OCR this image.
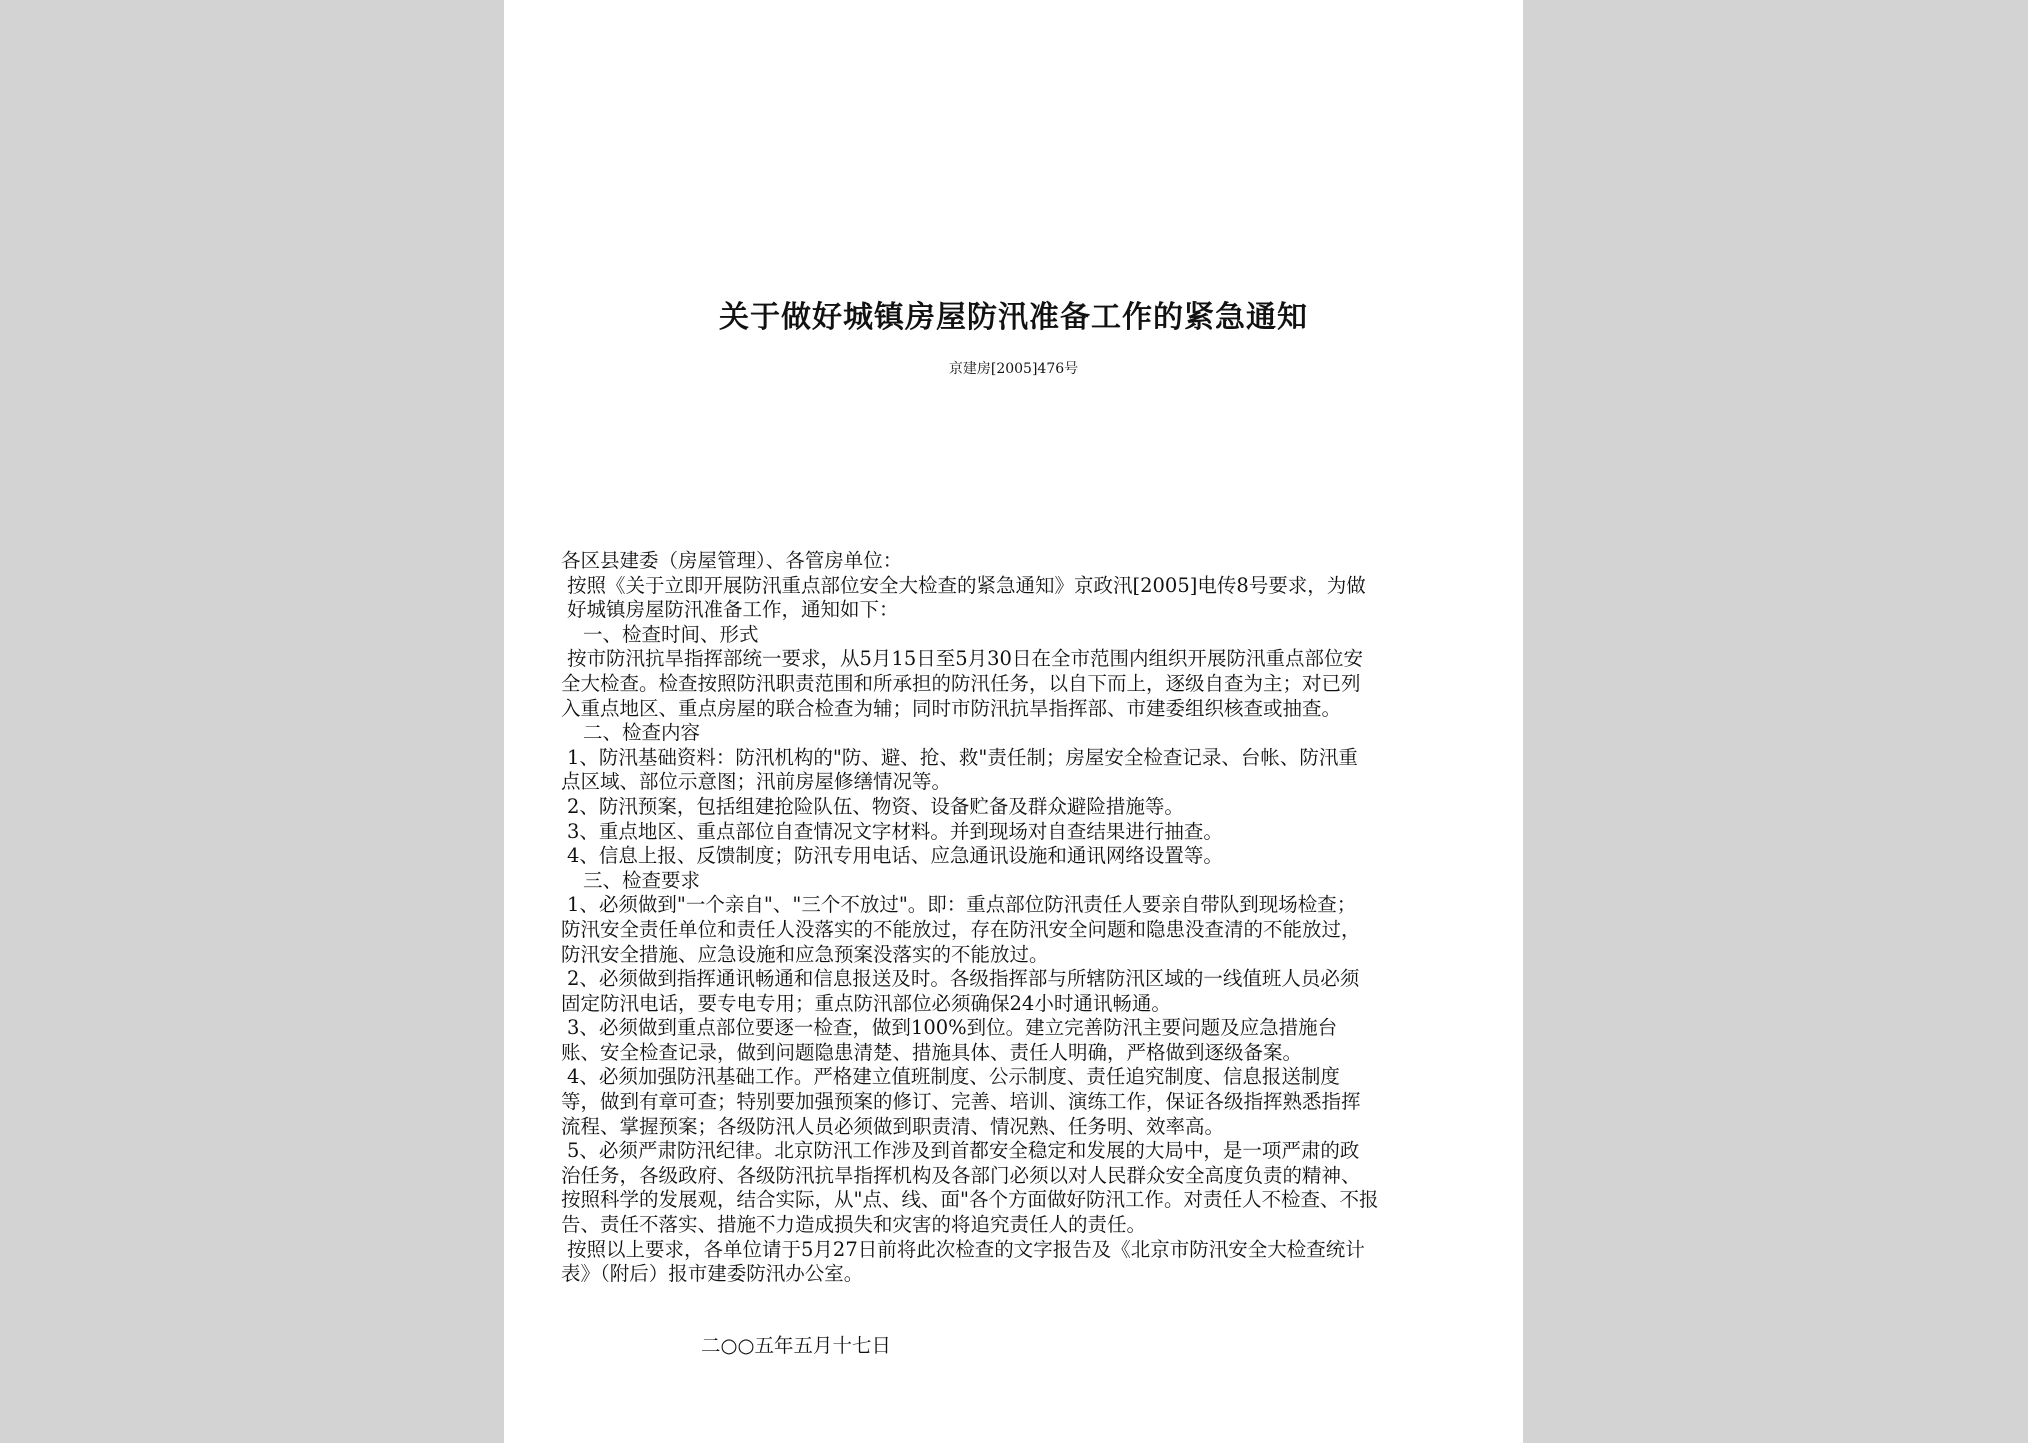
关于做好城镇房屋防汛准备工作的紧急通知
京建房[2005]476号

各区县建委（房屋管理）、各管房单位：

按照《关于立即开展防汛重点部位安全大检查的紧急通知》京政汛[2005]电传8号要求，为做

好城镇房屋防汛准备工作，通知如下：

一、检查时间、形式

按市防汛抗旱指挥部统一要求，从5月15日至5月30日在全市范围内组织开展防汛重点部位安

全大检查。检查按照防汛职责范围和所承担的防汛任务，以自下而上，逐级自查为主；对已列

入重点地区、重点房屋的联合检查为辅；同时市防汛抗旱指挥部、市建委组织核查或抽查。

二、检查内容

1、防汛基础资料：防汛机构的"防、避、抢、救"责任制；房屋安全检查记录、台帐、防汛重

点区域、部位示意图；汛前房屋修缮情况等。

2、防汛预案，包括组建抢险队伍、物资、设备贮备及群众避险措施等。

3、重点地区、重点部位自查情况文字材料。并到现场对自查结果进行抽查。

4、信息上报、反馈制度；防汛专用电话、应急通讯设施和通讯网络设置等。

三、检查要求

1、必须做到"一个亲自"、"三个不放过"。即：重点部位防汛责任人要亲自带队到现场检查；

防汛安全责任单位和责任人没落实的不能放过，存在防汛安全问题和隐患没查清的不能放过，

防汛安全措施、应急设施和应急预案没落实的不能放过。

2、必须做到指挥通讯畅通和信息报送及时。各级指挥部与所辖防汛区域的一线值班人员必须

固定防汛电话，要专电专用；重点防汛部位必须确保24小时通讯畅通。

3、必须做到重点部位要逐一检查，做到100%到位。建立完善防汛主要问题及应急措施台

账、安全检查记录，做到问题隐患清楚、措施具体、责任人明确，严格做到逐级备案。

4、必须加强防汛基础工作。严格建立值班制度、公示制度、责任追究制度、信息报送制度

等，做到有章可查；特别要加强预案的修订、完善、培训、演练工作，保证各级指挥熟悉指挥

流程、掌握预案；各级防汛人员必须做到职责清、情况熟、任务明、效率高。

5、必须严肃防汛纪律。北京防汛工作涉及到首都安全稳定和发展的大局中，是一项严肃的政

治任务，各级政府、各级防汛抗旱指挥机构及各部门必须以对人民群众安全高度负责的精神、

按照科学的发展观，结合实际，从"点、线、面"各个方面做好防汛工作。对责任人不检查、不报

告、责任不落实、措施不力造成损失和灾害的将追究责任人的责任。

按照以上要求，各单位请于5月27日前将此次检查的文字报告及《北京市防汛安全大检查统计

表》（附后）报市建委防汛办公室。

二○○五年五月十七日
